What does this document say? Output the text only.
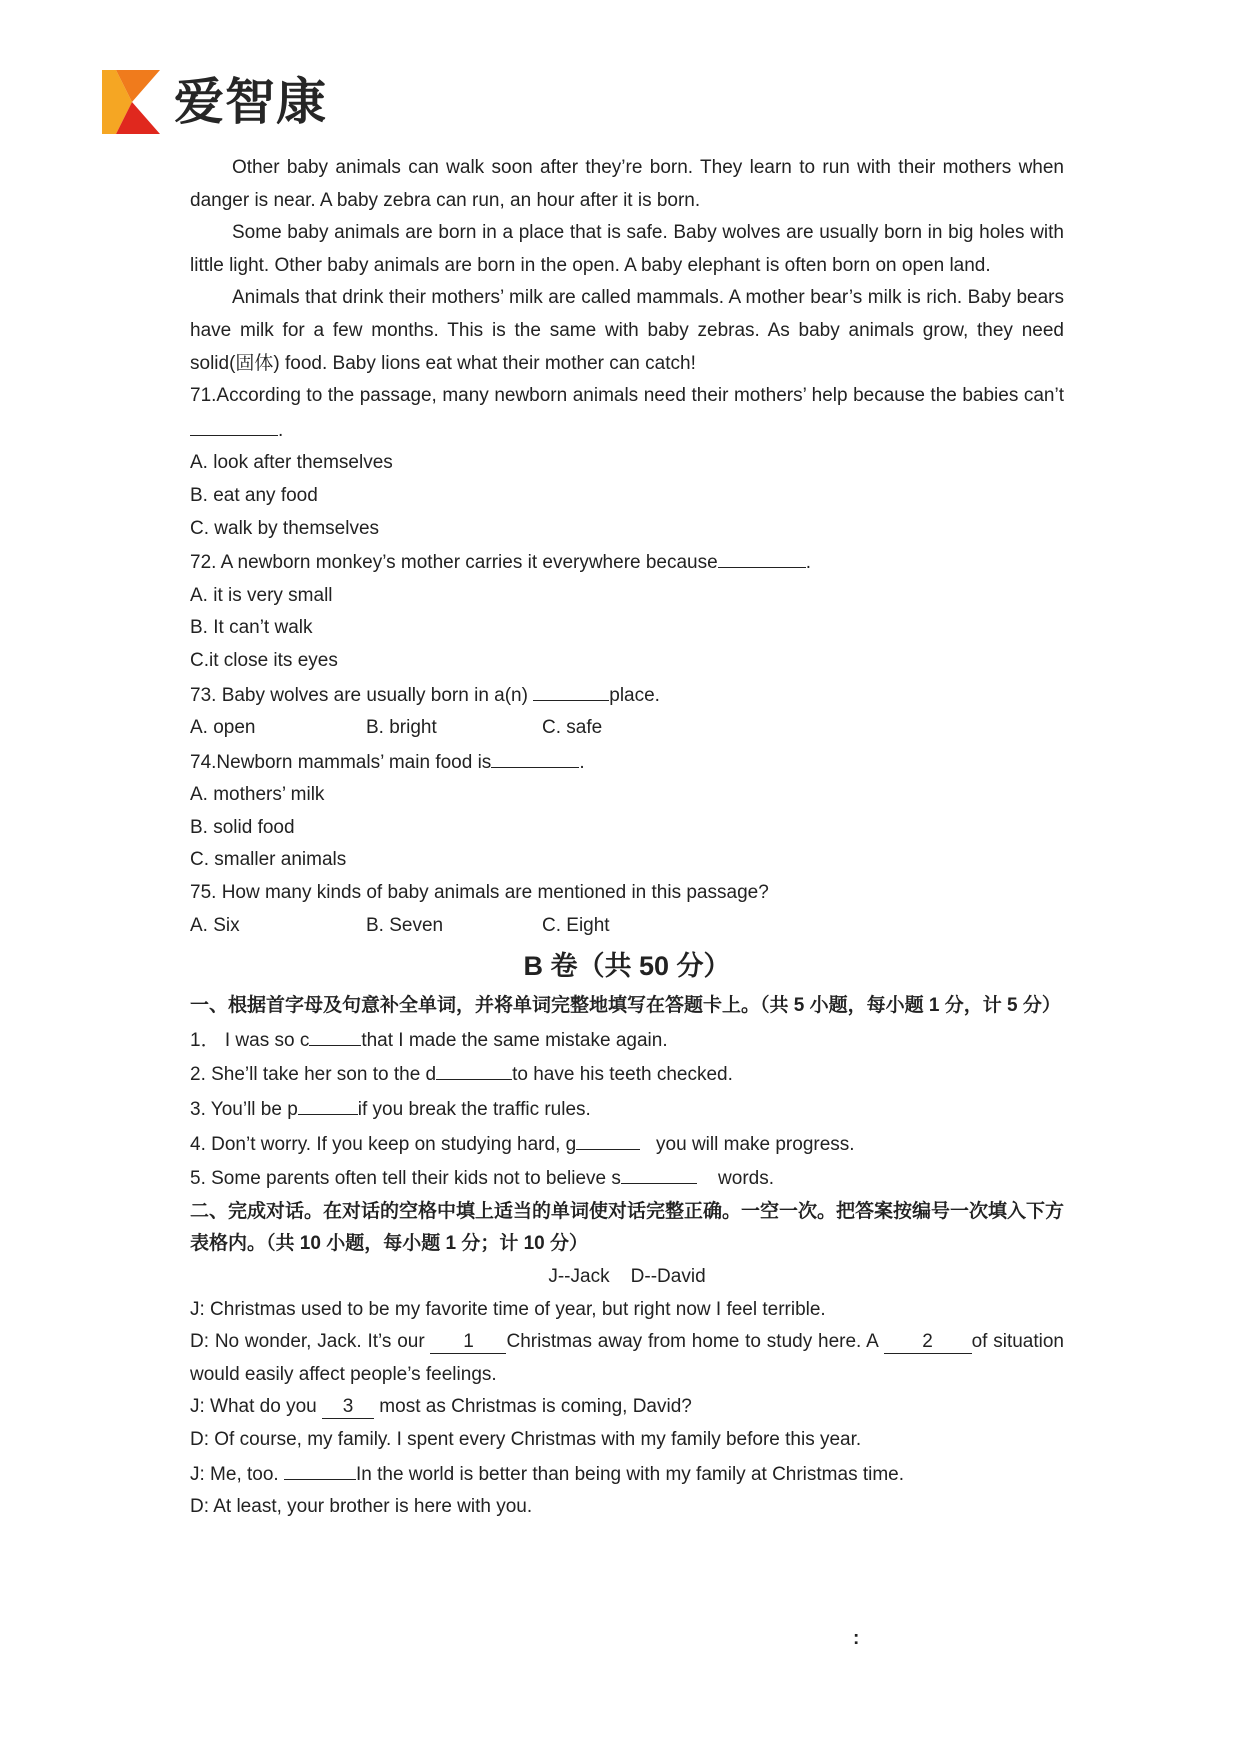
爱智康

Other baby animals can walk soon after they’re born. They learn to run with their mothers when danger is near. A baby zebra can run, an hour after it is born.

Some baby animals are born in a place that is safe. Baby wolves are usually born in big holes with little light. Other baby animals are born in the open. A baby elephant is often born on open land.

Animals that drink their mothers’ milk are called mammals. A mother bear’s milk is rich. Baby bears have milk for a few months. This is the same with baby zebras. As baby animals grow, they need solid(固体) food. Baby lions eat what their mother can catch!

71.According to the passage, many newborn animals need their mothers’ help because the babies can’t .

A. look after themselves

B. eat any food

C. walk by themselves

72. A newborn monkey’s mother carries it everywhere because	.

A. it is very small

B. It can’t walk

C.it close its eyes

73. Baby wolves are usually born in a(n)	place.

A. open	B. bright	C. safe

74.Newborn mammals’ main food is	.

A. mothers’ milk

B. solid food

C. smaller animals

75. How many kinds of baby animals are mentioned in this passage?

A. Six	B. Seven	C. Eight

B 卷（共 50 分）

一、根据首字母及句意补全单词，并将单词完整地填写在答题卡上。（共 5 小题，每小题 1 分，计 5 分）

1． I was so c	that I made the same mistake again.

2. She’ll take her son to the d	to have his teeth checked.

3. You’ll be p	if you break the traffic rules.

4. Don’t worry. If you keep on studying hard, g	you will make progress.

5. Some parents often tell their kids not to believe s	words.

二、完成对话。在对话的空格中填上适当的单词使对话完整正确。一空一次。把答案按编号一次填入下方表格内。（共 10 小题，每小题 1 分；计 10 分）

J--Jack    D--David

J: Christmas used to be my favorite time of year, but right now I feel terrible.

D: No wonder, Jack. It’s our 1 Christmas away from home to study here. A 2 of situation would easily affect people’s feelings.

J: What do you 3 most as Christmas is coming, David?

D: Of course, my family. I spent every Christmas with my family before this year.

J: Me, too.	In the world is better than being with my family at Christmas time.

D: At least, your brother is here with you.

:
